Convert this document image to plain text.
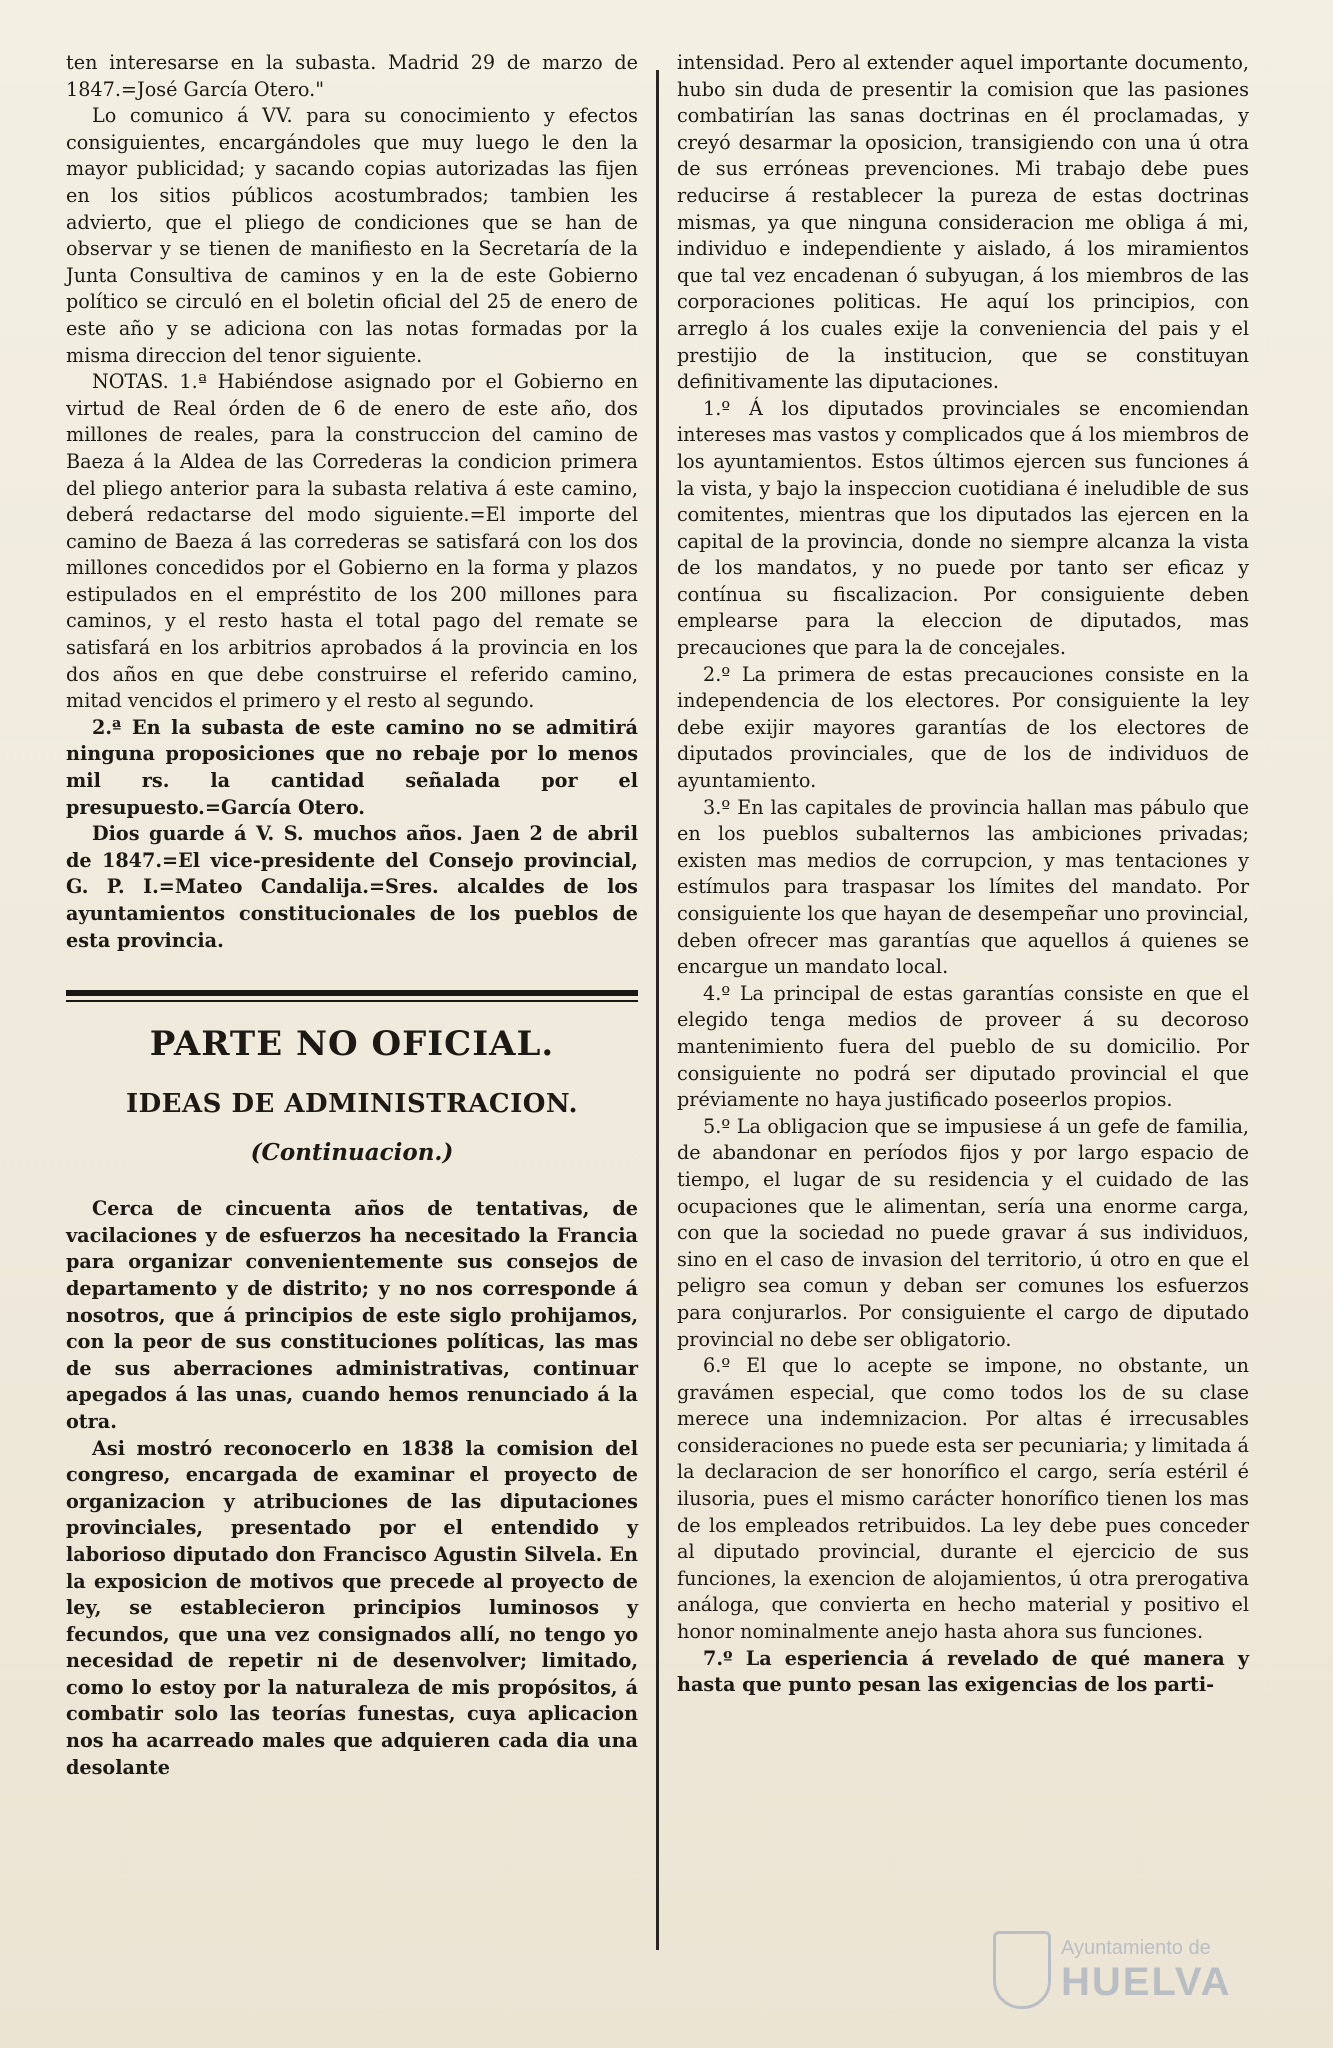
ten interesarse en la subasta. Madrid 29 de marzo de 1847.=José García Otero."

Lo comunico á VV. para su conocimiento y efectos consiguientes, encargándoles que muy luego le den la mayor publicidad; y sacando copias autorizadas las fijen en los sitios públicos acostumbrados; tambien les advierto, que el pliego de condiciones que se han de observar y se tienen de manifiesto en la Secretaría de la Junta Consultiva de caminos y en la de este Gobierno político se circuló en el boletin oficial del 25 de enero de este año y se adiciona con las notas formadas por la misma direccion del tenor siguiente.

NOTAS. 1.ª Habiéndose asignado por el Gobierno en virtud de Real órden de 6 de enero de este año, dos millones de reales, para la construccion del camino de Baeza á la Aldea de las Correderas la condicion primera del pliego anterior para la subasta relativa á este camino, deberá redactarse del modo siguiente.=El importe del camino de Baeza á las correderas se satisfará con los dos millones concedidos por el Gobierno en la forma y plazos estipulados en el empréstito de los 200 millones para caminos, y el resto hasta el total pago del remate se satisfará en los arbitrios aprobados á la provincia en los dos años en que debe construirse el referido camino, mitad vencidos el primero y el resto al segundo.

2.ª En la subasta de este camino no se admitirá ninguna proposiciones que no rebaje por lo menos mil rs. la cantidad señalada por el presupuesto.=García Otero.

Dios guarde á V. S. muchos años. Jaen 2 de abril de 1847.=El vice-presidente del Consejo provincial, G. P. I.=Mateo Candalija.=Sres. alcaldes de los ayuntamientos constitucionales de los pueblos de esta provincia.

PARTE NO OFICIAL.
IDEAS DE ADMINISTRACION.
(Continuacion.)

Cerca de cincuenta años de tentativas, de vacilaciones y de esfuerzos ha necesitado la Francia para organizar convenientemente sus consejos de departamento y de distrito; y no nos corresponde á nosotros, que á principios de este siglo prohijamos, con la peor de sus constituciones políticas, las mas de sus aberraciones administrativas, continuar apegados á las unas, cuando hemos renunciado á la otra.

Asi mostró reconocerlo en 1838 la comision del congreso, encargada de examinar el proyecto de organizacion y atribuciones de las diputaciones provinciales, presentado por el entendido y laborioso diputado don Francisco Agustin Silvela. En la exposicion de motivos que precede al proyecto de ley, se establecieron principios luminosos y fecundos, que una vez consignados allí, no tengo yo necesidad de repetir ni de desenvolver; limitado, como lo estoy por la naturaleza de mis propósitos, á combatir solo las teorías funestas, cuya aplicacion nos ha acarreado males que adquieren cada dia una desolante

intensidad. Pero al extender aquel importante documento, hubo sin duda de presentir la comision que las pasiones combatirían las sanas doctrinas en él proclamadas, y creyó desarmar la oposicion, transigiendo con una ú otra de sus erróneas prevenciones. Mi trabajo debe pues reducirse á restablecer la pureza de estas doctrinas mismas, ya que ninguna consideracion me obliga á mi, individuo e independiente y aislado, á los miramientos que tal vez encadenan ó subyugan, á los miembros de las corporaciones politicas. He aquí los principios, con arreglo á los cuales exije la conveniencia del pais y el prestijio de la institucion, que se constituyan definitivamente las diputaciones.

1.º Á los diputados provinciales se encomiendan intereses mas vastos y complicados que á los miembros de los ayuntamientos. Estos últimos ejercen sus funciones á la vista, y bajo la inspeccion cuotidiana é ineludible de sus comitentes, mientras que los diputados las ejercen en la capital de la provincia, donde no siempre alcanza la vista de los mandatos, y no puede por tanto ser eficaz y contínua su fiscalizacion. Por consiguiente deben emplearse para la eleccion de diputados, mas precauciones que para la de concejales.

2.º La primera de estas precauciones consiste en la independencia de los electores. Por consiguiente la ley debe exijir mayores garantías de los electores de diputados provinciales, que de los de individuos de ayuntamiento.

3.º En las capitales de provincia hallan mas pábulo que en los pueblos subalternos las ambiciones privadas; existen mas medios de corrupcion, y mas tentaciones y estímulos para traspasar los límites del mandato. Por consiguiente los que hayan de desempeñar uno provincial, deben ofrecer mas garantías que aquellos á quienes se encargue un mandato local.

4.º La principal de estas garantías consiste en que el elegido tenga medios de proveer á su decoroso mantenimiento fuera del pueblo de su domicilio. Por consiguiente no podrá ser diputado provincial el que préviamente no haya justificado poseerlos propios.

5.º La obligacion que se impusiese á un gefe de familia, de abandonar en períodos fijos y por largo espacio de tiempo, el lugar de su residencia y el cuidado de las ocupaciones que le alimentan, sería una enorme carga, con que la sociedad no puede gravar á sus individuos, sino en el caso de invasion del territorio, ú otro en que el peligro sea comun y deban ser comunes los esfuerzos para conjurarlos. Por consiguiente el cargo de diputado provincial no debe ser obligatorio.

6.º El que lo acepte se impone, no obstante, un gravámen especial, que como todos los de su clase merece una indemnizacion. Por altas é irrecusables consideraciones no puede esta ser pecuniaria; y limitada á la declaracion de ser honorífico el cargo, sería estéril é ilusoria, pues el mismo carácter honorífico tienen los mas de los empleados retribuidos. La ley debe pues conceder al diputado provincial, durante el ejercicio de sus funciones, la exencion de alojamientos, ú otra prerogativa análoga, que convierta en hecho material y positivo el honor nominalmente anejo hasta ahora sus funciones.

7.º La esperiencia á revelado de qué manera y hasta que punto pesan las exigencias de los parti-

Ayuntamiento de
HUELVA
